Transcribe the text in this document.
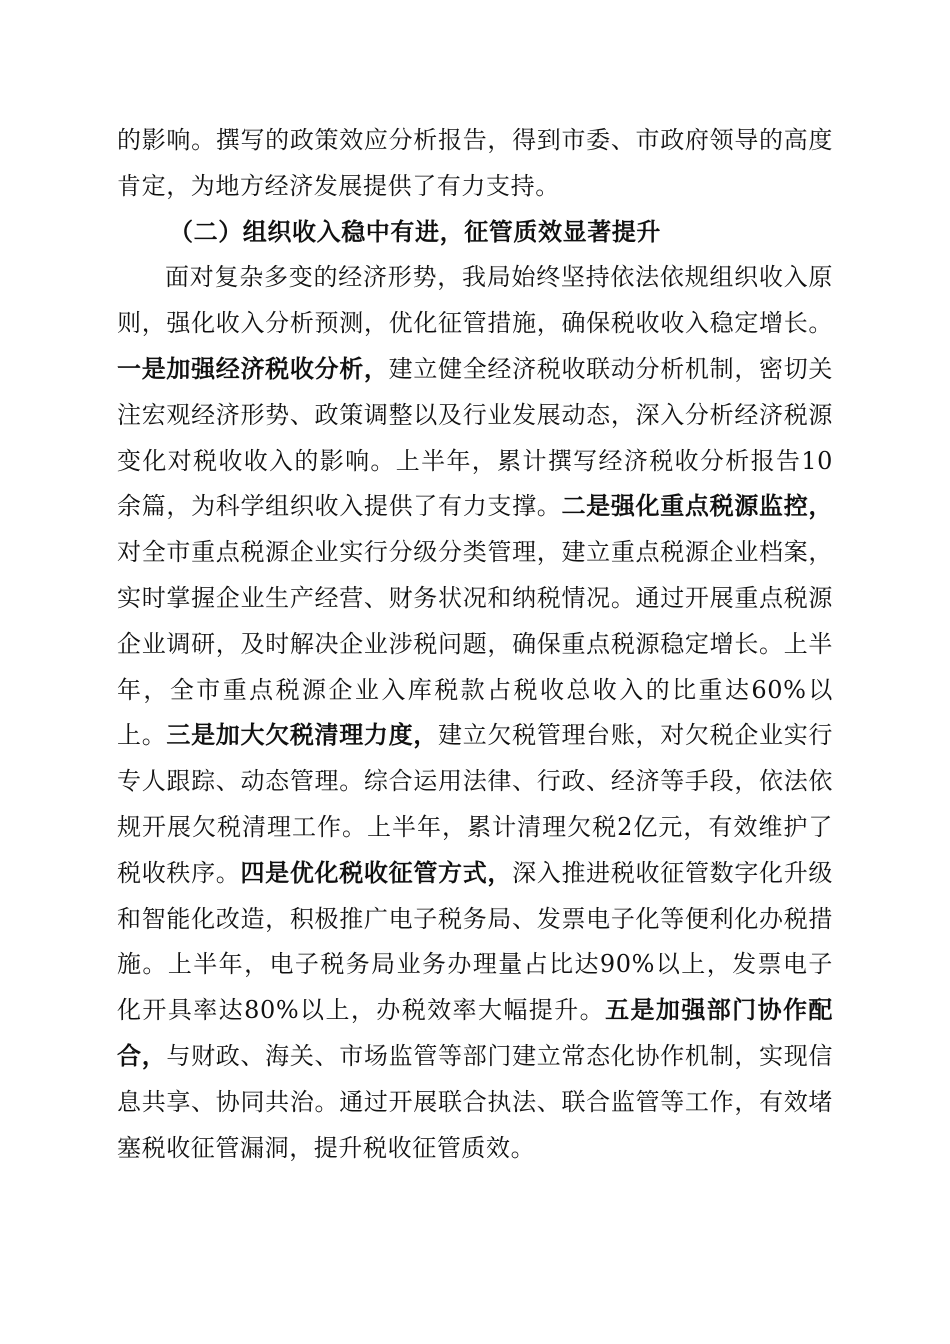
的影响。撰写的政策效应分析报告，得到市委、市政府领导的高度肯定，为地方经济发展提供了有力支持。

（二）组织收入稳中有进，征管质效显著提升

面对复杂多变的经济形势，我局始终坚持依法依规组织收入原则，强化收入分析预测，优化征管措施，确保税收收入稳定增长。一是加强经济税收分析，建立健全经济税收联动分析机制，密切关注宏观经济形势、政策调整以及行业发展动态，深入分析经济税源变化对税收收入的影响。上半年，累计撰写经济税收分析报告10余篇，为科学组织收入提供了有力支撑。二是强化重点税源监控，对全市重点税源企业实行分级分类管理，建立重点税源企业档案，实时掌握企业生产经营、财务状况和纳税情况。通过开展重点税源企业调研，及时解决企业涉税问题，确保重点税源稳定增长。上半年，全市重点税源企业入库税款占税收总收入的比重达60%以上。三是加大欠税清理力度，建立欠税管理台账，对欠税企业实行专人跟踪、动态管理。综合运用法律、行政、经济等手段，依法依规开展欠税清理工作。上半年，累计清理欠税2亿元，有效维护了税收秩序。四是优化税收征管方式，深入推进税收征管数字化升级和智能化改造，积极推广电子税务局、发票电子化等便利化办税措施。上半年，电子税务局业务办理量占比达90%以上，发票电子化开具率达80%以上，办税效率大幅提升。五是加强部门协作配合，与财政、海关、市场监管等部门建立常态化协作机制，实现信息共享、协同共治。通过开展联合执法、联合监管等工作，有效堵塞税收征管漏洞，提升税收征管质效。
